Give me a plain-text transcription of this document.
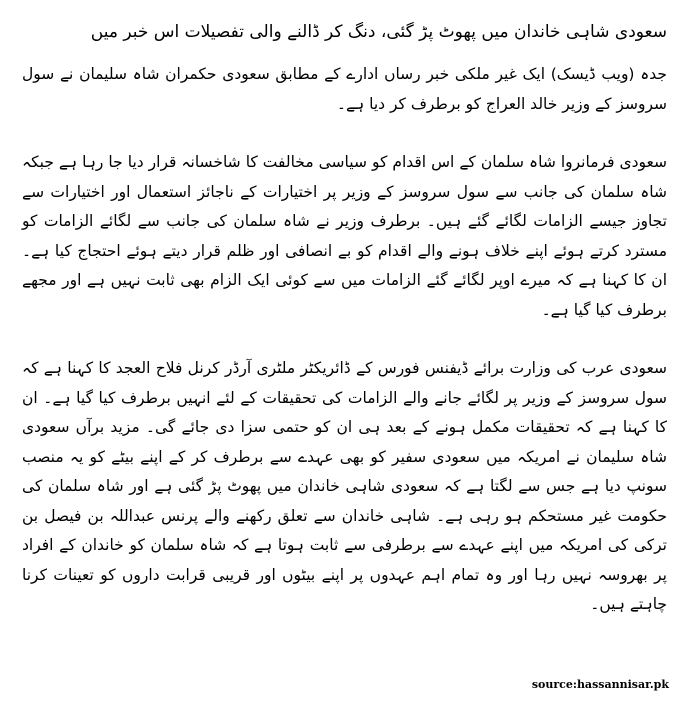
سعودی شاہی خاندان میں پھوٹ پڑ گئی، دنگ کر ڈالنے والی تفصیلات اس خبر میں

جدہ (ویب ڈیسک) ایک غیر ملکی خبر رساں ادارے کے مطابق سعودی حکمران شاہ سلیمان نے سول سروسز کے وزیر خالد العراج کو برطرف کر دیا ہے۔

سعودی فرمانروا شاہ سلمان کے اس اقدام کو سیاسی مخالفت کا شاخسانہ قرار دیا جا رہا ہے جبکہ شاہ سلمان کی جانب سے سول سروسز کے وزیر پر اختیارات کے ناجائز استعمال اور اختیارات سے تجاوز جیسے الزامات لگائے گئے ہیں۔ برطرف وزیر نے شاہ سلمان کی جانب سے لگائے الزامات کو مسترد کرتے ہوئے اپنے خلاف ہونے والے اقدام کو بے انصافی اور ظلم قرار دیتے ہوئے احتجاج کیا ہے۔ ان کا کہنا ہے کہ میرے اوپر لگائے گئے الزامات میں سے کوئی ایک الزام بھی ثابت نہیں ہے اور مجھے برطرف کیا گیا ہے۔

سعودی عرب کی وزارت برائے ڈیفنس فورس کے ڈائریکٹر ملٹری آرڈر کرنل فلاح العجد کا کہنا ہے کہ سول سروسز کے وزیر پر لگائے جانے والے الزامات کی تحقیقات کے لئے انہیں برطرف کیا گیا ہے۔ ان کا کہنا ہے کہ تحقیقات مکمل ہونے کے بعد ہی ان کو حتمی سزا دی جائے گی۔ مزید برآں سعودی شاہ سلیمان نے امریکہ میں سعودی سفیر کو بھی عہدے سے برطرف کر کے اپنے بیٹے کو یہ منصب سونپ دیا ہے جس سے لگتا ہے کہ سعودی شاہی خاندان میں پھوٹ پڑ گئی ہے اور شاہ سلمان کی حکومت غیر مستحکم ہو رہی ہے۔ شاہی خاندان سے تعلق رکھنے والے پرنس عبداللہ بن فیصل بن ترکی کی امریکہ میں اپنے عہدے سے برطرفی سے ثابت ہوتا ہے کہ شاہ سلمان کو خاندان کے افراد پر بھروسہ نہیں رہا اور وہ تمام اہم عہدوں پر اپنے بیٹوں اور قریبی قرابت داروں کو تعینات کرنا چاہتے ہیں۔

source:hassannisar.pk
